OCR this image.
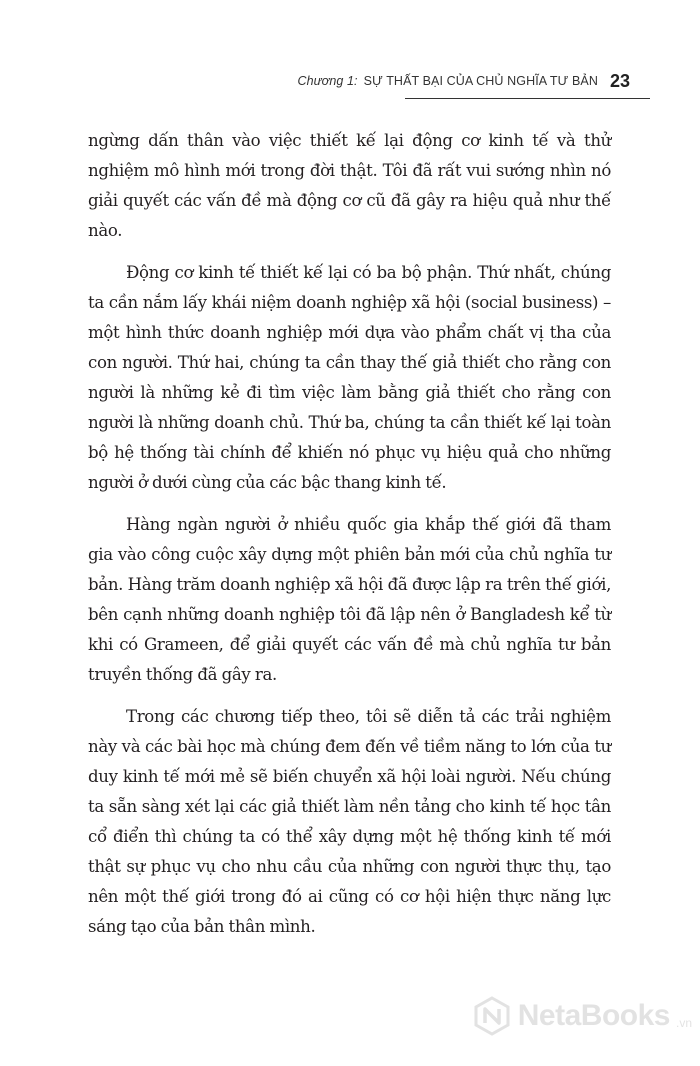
Chương 1: SỰ THẤT BẠI CỦA CHỦ NGHĨA TƯ BẢN 23

ngừng dấn thân vào việc thiết kế lại động cơ kinh tế và thử nghiệm mô hình mới trong đời thật. Tôi đã rất vui sướng nhìn nó giải quyết các vấn đề mà động cơ cũ đã gây ra hiệu quả như thế nào.

Động cơ kinh tế thiết kế lại có ba bộ phận. Thứ nhất, chúng ta cần nắm lấy khái niệm doanh nghiệp xã hội (social business) – một hình thức doanh nghiệp mới dựa vào phẩm chất vị tha của con người. Thứ hai, chúng ta cần thay thế giả thiết cho rằng con người là những kẻ đi tìm việc làm bằng giả thiết cho rằng con người là những doanh chủ. Thứ ba, chúng ta cần thiết kế lại toàn bộ hệ thống tài chính để khiến nó phục vụ hiệu quả cho những người ở dưới cùng của các bậc thang kinh tế.

Hàng ngàn người ở nhiều quốc gia khắp thế giới đã tham gia vào công cuộc xây dựng một phiên bản mới của chủ nghĩa tư bản. Hàng trăm doanh nghiệp xã hội đã được lập ra trên thế giới, bên cạnh những doanh nghiệp tôi đã lập nên ở Bangladesh kể từ khi có Grameen, để giải quyết các vấn đề mà chủ nghĩa tư bản truyền thống đã gây ra.

Trong các chương tiếp theo, tôi sẽ diễn tả các trải nghiệm này và các bài học mà chúng đem đến về tiềm năng to lớn của tư duy kinh tế mới mẻ sẽ biến chuyển xã hội loài người. Nếu chúng ta sẵn sàng xét lại các giả thiết làm nền tảng cho kinh tế học tân cổ điển thì chúng ta có thể xây dựng một hệ thống kinh tế mới thật sự phục vụ cho nhu cầu của những con người thực thụ, tạo nên một thế giới trong đó ai cũng có cơ hội hiện thực năng lực sáng tạo của bản thân mình.

NetaBooks .vn
